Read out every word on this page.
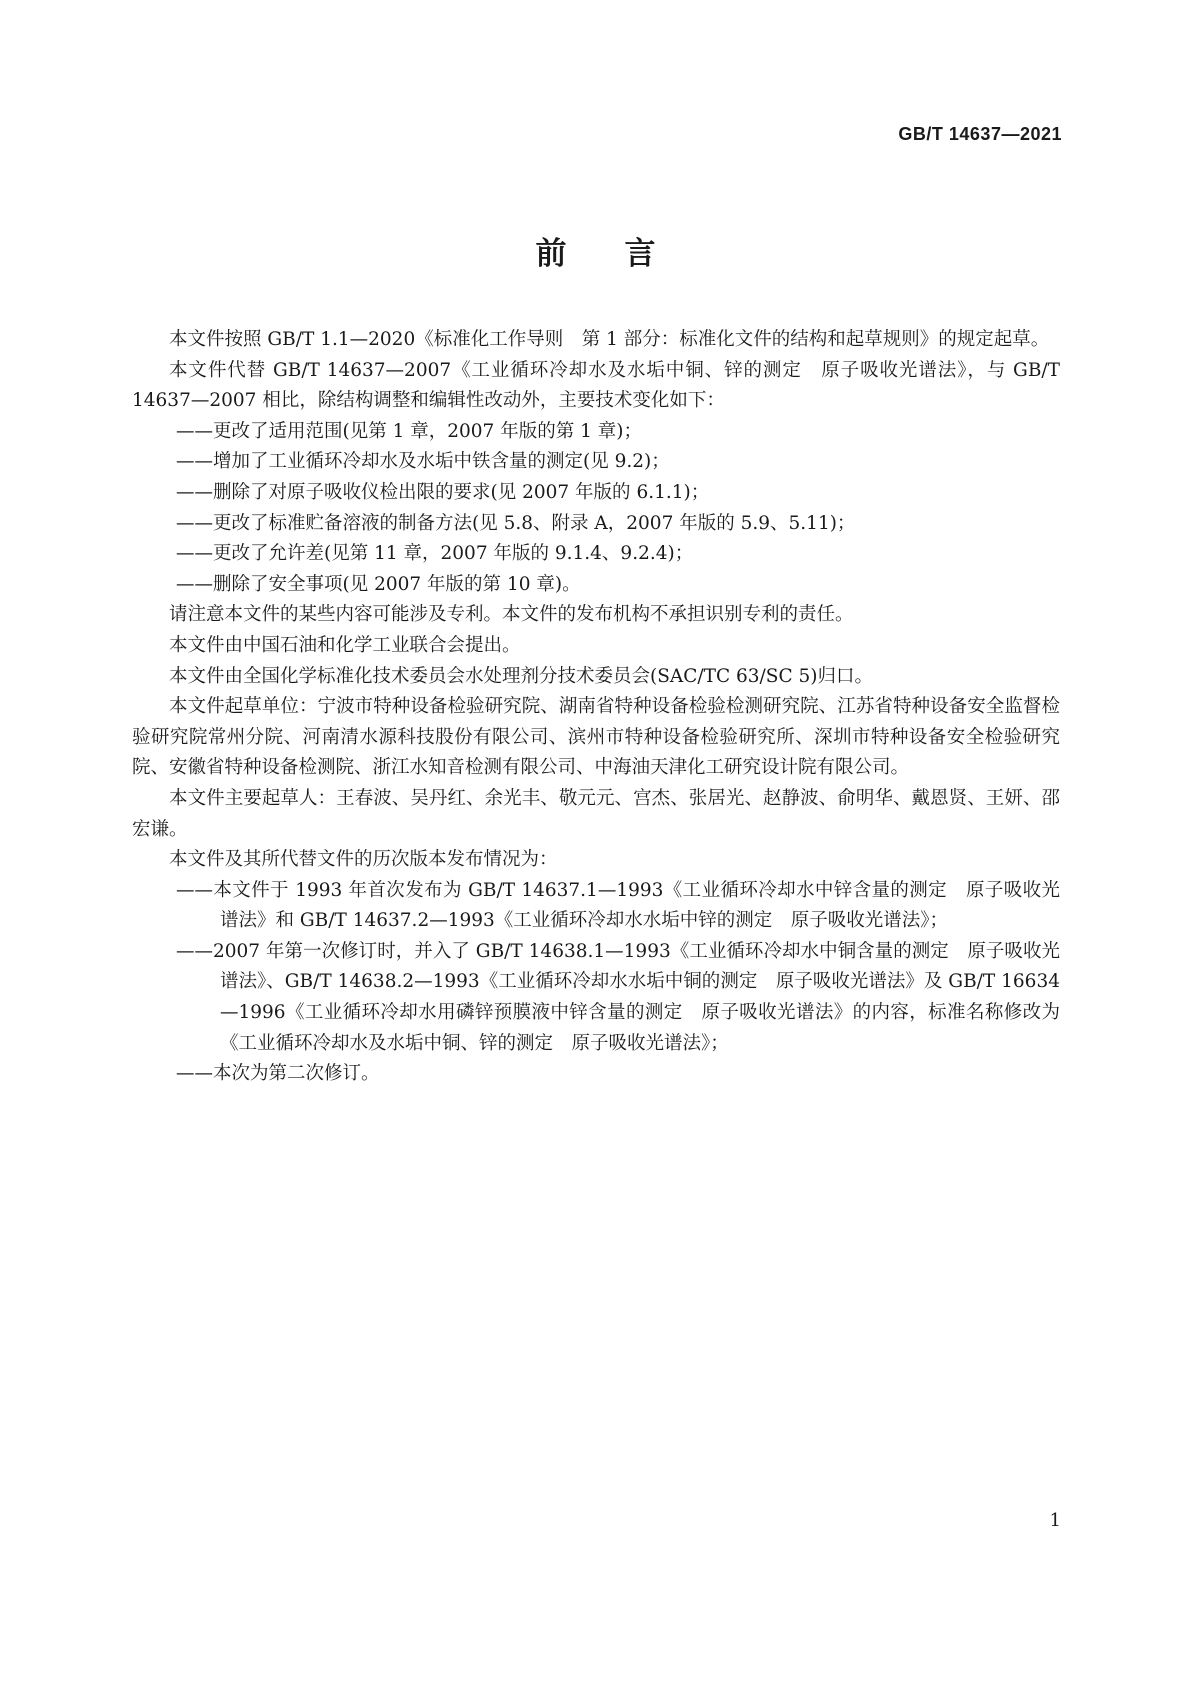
GB/T 14637—2021
前 言

本文件按照 GB/T 1.1—2020《标准化工作导则　第 1 部分：标准化文件的结构和起草规则》的规定起草。

本文件代替 GB/T 14637—2007《工业循环冷却水及水垢中铜、锌的测定　原子吸收光谱法》，与 GB/T 14637—2007 相比，除结构调整和编辑性改动外，主要技术变化如下：

——更改了适用范围(见第 1 章，2007 年版的第 1 章)；

——增加了工业循环冷却水及水垢中铁含量的测定(见 9.2)；

——删除了对原子吸收仪检出限的要求(见 2007 年版的 6.1.1)；

——更改了标准贮备溶液的制备方法(见 5.8、附录 A，2007 年版的 5.9、5.11)；

——更改了允许差(见第 11 章，2007 年版的 9.1.4、9.2.4)；

——删除了安全事项(见 2007 年版的第 10 章)。

请注意本文件的某些内容可能涉及专利。本文件的发布机构不承担识别专利的责任。

本文件由中国石油和化学工业联合会提出。

本文件由全国化学标准化技术委员会水处理剂分技术委员会(SAC/TC 63/SC 5)归口。

本文件起草单位：宁波市特种设备检验研究院、湖南省特种设备检验检测研究院、江苏省特种设备安全监督检验研究院常州分院、河南清水源科技股份有限公司、滨州市特种设备检验研究所、深圳市特种设备安全检验研究院、安徽省特种设备检测院、浙江水知音检测有限公司、中海油天津化工研究设计院有限公司。

本文件主要起草人：王春波、吴丹红、余光丰、敬元元、宫杰、张居光、赵静波、俞明华、戴恩贤、王妍、邵宏谦。

本文件及其所代替文件的历次版本发布情况为：

——本文件于 1993 年首次发布为 GB/T 14637.1—1993《工业循环冷却水中锌含量的测定　原子吸收光谱法》和 GB/T 14637.2—1993《工业循环冷却水水垢中锌的测定　原子吸收光谱法》；

——2007 年第一次修订时，并入了 GB/T 14638.1—1993《工业循环冷却水中铜含量的测定　原子吸收光谱法》、GB/T 14638.2—1993《工业循环冷却水水垢中铜的测定　原子吸收光谱法》及 GB/T 16634—1996《工业循环冷却水用磷锌预膜液中锌含量的测定　原子吸收光谱法》的内容，标准名称修改为《工业循环冷却水及水垢中铜、锌的测定　原子吸收光谱法》；

——本次为第二次修订。

1
